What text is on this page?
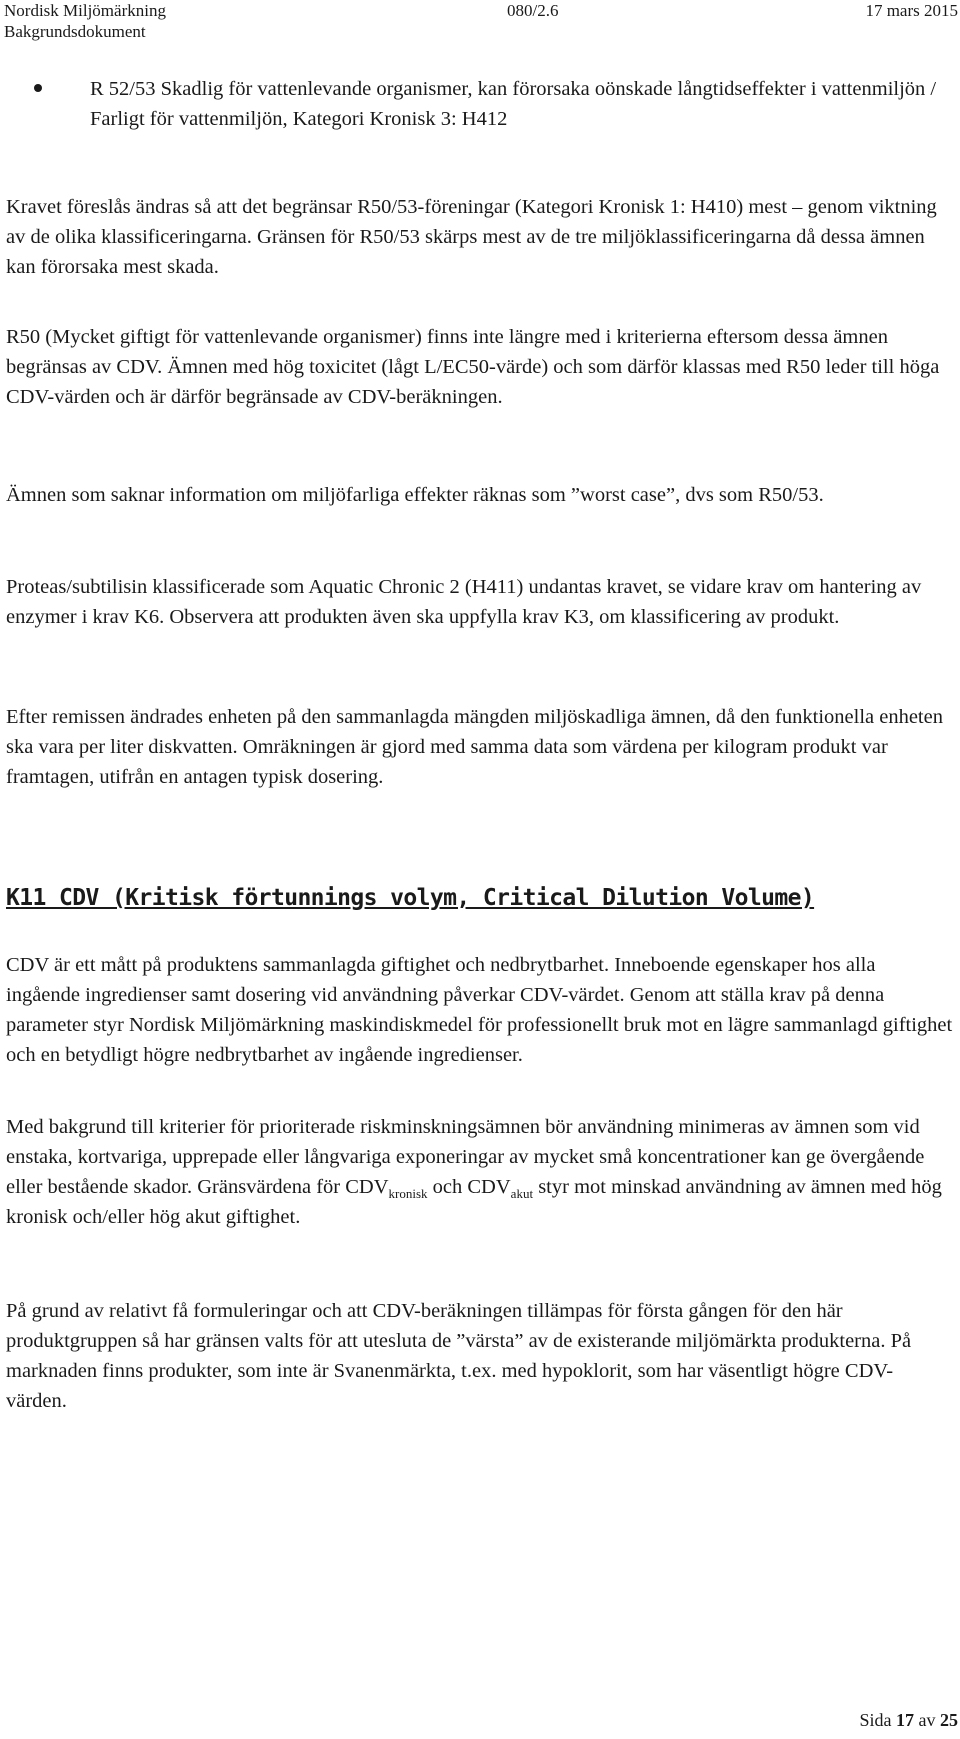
Nordisk Miljömärkning	080/2.6	17 mars 2015
Bakgrundsdokument

R 52/53 Skadlig för vattenlevande organismer, kan förorsaka oönskade långtidseffekter i vattenmiljön / Farligt för vattenmiljön, Kategori Kronisk 3: H412

Kravet föreslås ändras så att det begränsar R50/53-föreningar (Kategori Kronisk 1: H410) mest – genom viktning av de olika klassificeringarna. Gränsen för R50/53 skärps mest av de tre miljöklassificeringarna då dessa ämnen kan förorsaka mest skada.

R50 (Mycket giftigt för vattenlevande organismer) finns inte längre med i kriterierna eftersom dessa ämnen begränsas av CDV. Ämnen med hög toxicitet (lågt L/EC50-värde) och som därför klassas med R50 leder till höga CDV-värden och är därför begränsade av CDV-beräkningen.

Ämnen som saknar information om miljöfarliga effekter räknas som ”worst case”, dvs som R50/53.

Proteas/subtilisin klassificerade som Aquatic Chronic 2 (H411) undantas kravet, se vidare krav om hantering av enzymer i krav K6. Observera att produkten även ska uppfylla krav K3, om klassificering av produkt.

Efter remissen ändrades enheten på den sammanlagda mängden miljöskadliga ämnen, då den funktionella enheten ska vara per liter diskvatten. Omräkningen är gjord med samma data som värdena per kilogram produkt var framtagen, utifrån en antagen typisk dosering.

K11 CDV (Kritisk förtunnings volym, Critical Dilution Volume)

CDV är ett mått på produktens sammanlagda giftighet och nedbrytbarhet. Inneboende egenskaper hos alla ingående ingredienser samt dosering vid användning påverkar CDV-värdet. Genom att ställa krav på denna parameter styr Nordisk Miljömärkning maskindiskmedel för professionellt bruk mot en lägre sammanlagd giftighet och en betydligt högre nedbrytbarhet av ingående ingredienser.

Med bakgrund till kriterier för prioriterade riskminskningsämnen bör användning minimeras av ämnen som vid enstaka, kortvariga, upprepade eller långvariga exponeringar av mycket små koncentrationer kan ge övergående eller bestående skador. Gränsvärdena för $CDV_{kronisk}$ och $CDV_{akut}$ styr mot minskad användning av ämnen med hög kronisk och/eller hög akut giftighet.

På grund av relativt få formuleringar och att CDV-beräkningen tillämpas för första gången för den här produktgruppen så har gränsen valts för att utesluta de ”värsta” av de existerande miljömärkta produkterna. På marknaden finns produkter, som inte är Svanenmärkta, t.ex. med hypoklorit, som har väsentligt högre CDV-värden.

Sida 17 av 25
